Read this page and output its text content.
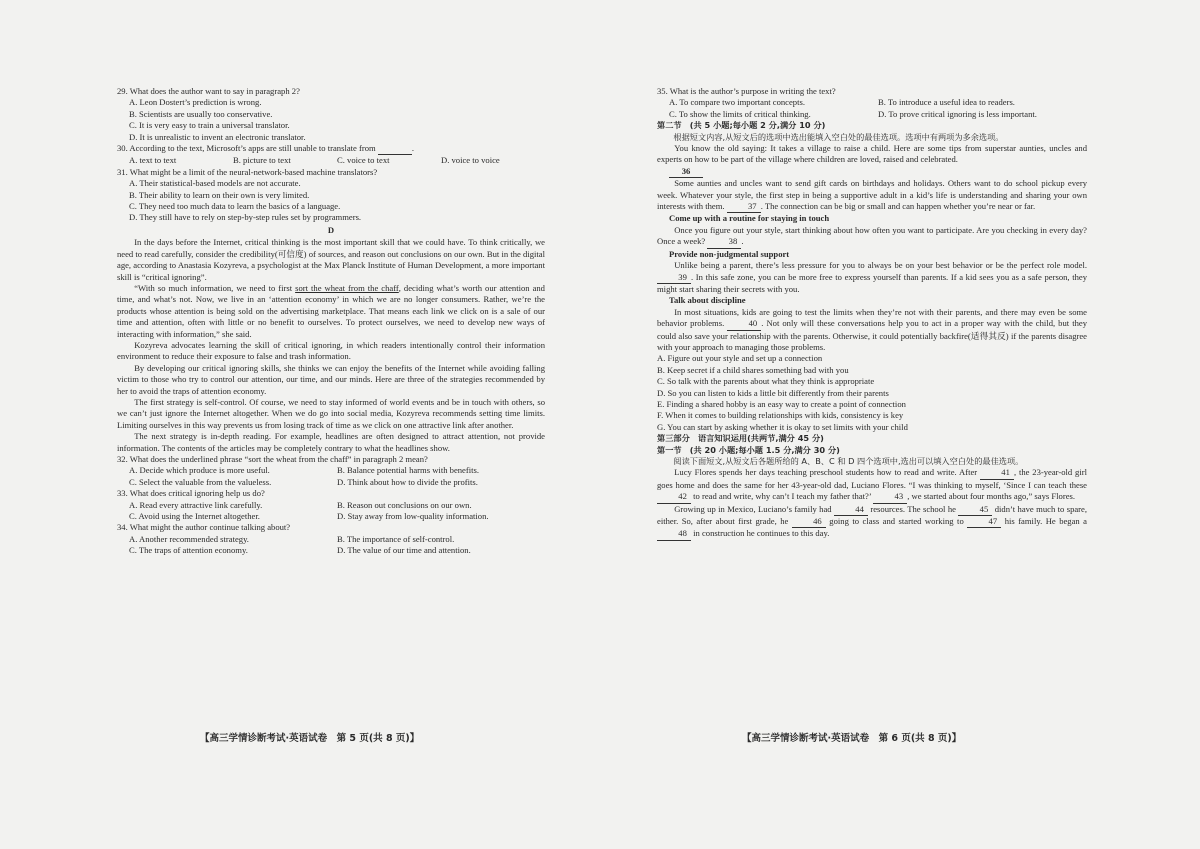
29. What does the author want to say in paragraph 2?

A. Leon Dostert’s prediction is wrong.

B. Scientists are usually too conservative.

C. It is very easy to train a universal translator.

D. It is unrealistic to invent an electronic translator.

30. According to the text, Microsoft’s apps are still unable to translate from	.

A. text to text	B. picture to text	C. voice to text	D. voice to voice

31. What might be a limit of the neural-network-based machine translators?

A. Their statistical-based models are not accurate.

B. Their ability to learn on their own is very limited.

C. They need too much data to learn the basics of a language.

D. They still have to rely on step-by-step rules set by programmers.

D

In the days before the Internet, critical thinking is the most important skill that we could have. To think critically, we need to read carefully, consider the credibility(可信度) of sources, and reason out conclusions on our own. But in the digital age, according to Anastasia Kozyreva, a psychologist at the Max Planck Institute of Human Development, a more important skill is “critical ignoring”.

“With so much information, we need to first sort the wheat from the chaff, deciding what’s worth our attention and time, and what’s not. Now, we live in an ‘attention economy’ in which we are no longer consumers. Rather, we’re the products whose attention is being sold on the advertising marketplace. That means each link we click on is a sale of our time and attention, often with little or no benefit to ourselves. To protect ourselves, we need to develop new ways of interacting with information,” she said.

Kozyreva advocates learning the skill of critical ignoring, in which readers intentionally control their information environment to reduce their exposure to false and trash information.

By developing our critical ignoring skills, she thinks we can enjoy the benefits of the Internet while avoiding falling victim to those who try to control our attention, our time, and our minds. Here are three of the strategies recommended by her to avoid the traps of attention economy.

The first strategy is self-control. Of course, we need to stay informed of world events and be in touch with others, so we can’t just ignore the Internet altogether. When we do go into social media, Kozyreva recommends setting time limits. Limiting ourselves in this way prevents us from losing track of time as we click on one attractive link after another.

The next strategy is in-depth reading. For example, headlines are often designed to attract attention, not provide information. The contents of the articles may be completely contrary to what the headlines show.

32. What does the underlined phrase “sort the wheat from the chaff” in paragraph 2 mean?

A. Decide which produce is more useful.	B. Balance potential harms with benefits.
C. Select the valuable from the valueless.	D. Think about how to divide the profits.

33. What does critical ignoring help us do?

A. Read every attractive link carefully.	B. Reason out conclusions on our own.
C. Avoid using the Internet altogether.	D. Stay away from low-quality information.

34. What might the author continue talking about?

A. Another recommended strategy.	B. The importance of self-control.
C. The traps of attention economy.	D. The value of our time and attention.

35. What is the author’s purpose in writing the text?

A. To compare two important concepts.	B. To introduce a useful idea to readers.
C. To show the limits of critical thinking.	D. To prove critical ignoring is less important.

第二节　(共 5 小题;每小题 2 分,满分 10 分)

根据短文内容,从短文后的选项中选出能填入空白处的最佳选项。选项中有两项为多余选项。

You know the old saying: It takes a village to raise a child. Here are some tips from superstar aunties, uncles and experts on how to be part of the village where children are loved, raised and celebrated.

36

Some aunties and uncles want to send gift cards on birthdays and holidays. Others want to do school pickup every week. Whatever your style, the first step in being a supportive adult in a kid’s life is understanding and sharing your own interests with them. 37 . The connection can be big or small and can happen whether you’re near or far.

Come up with a routine for staying in touch

Once you figure out your style, start thinking about how often you want to participate. Are you checking in every day? Once a week? 38 .

Provide non-judgmental support

Unlike being a parent, there’s less pressure for you to always be on your best behavior or be the perfect role model. 39 . In this safe zone, you can be more free to express yourself than parents. If a kid sees you as a safe person, they might start sharing their secrets with you.

Talk about discipline

In most situations, kids are going to test the limits when they’re not with their parents, and there may even be some behavior problems. 40 . Not only will these conversations help you to act in a proper way with the child, but they could also save your relationship with the parents. Otherwise, it could potentially backfire(适得其反) if the parents disagree with your approach to managing those problems.

A. Figure out your style and set up a connection

B. Keep secret if a child shares something bad with you

C. So talk with the parents about what they think is appropriate

D. So you can listen to kids a little bit differently from their parents

E. Finding a shared hobby is an easy way to create a point of connection

F. When it comes to building relationships with kids, consistency is key

G. You can start by asking whether it is okay to set limits with your child

第三部分　语言知识运用(共两节,满分 45 分)

第一节　(共 20 小题;每小题 1.5 分,满分 30 分)

阅读下面短文,从短文后各题所给的 A、B、C 和 D 四个选项中,选出可以填入空白处的最佳选项。

Lucy Flores spends her days teaching preschool students how to read and write. After 41 , the 23-year-old girl goes home and does the same for her 43-year-old dad, Luciano Flores. “I was thinking to myself, ‘Since I can teach these 42 to read and write, why can’t I teach my father that?’ 43 , we started about four months ago,” says Flores.

Growing up in Mexico, Luciano’s family had 44 resources. The school he 45 didn’t have much to spare, either. So, after about first grade, he 46 going to class and started working to 47 his family. He began a 48 in construction he continues to this day.

【高三学情诊断考试·英语试卷　第 5 页(共 8 页)】	【高三学情诊断考试·英语试卷　第 6 页(共 8 页)】
